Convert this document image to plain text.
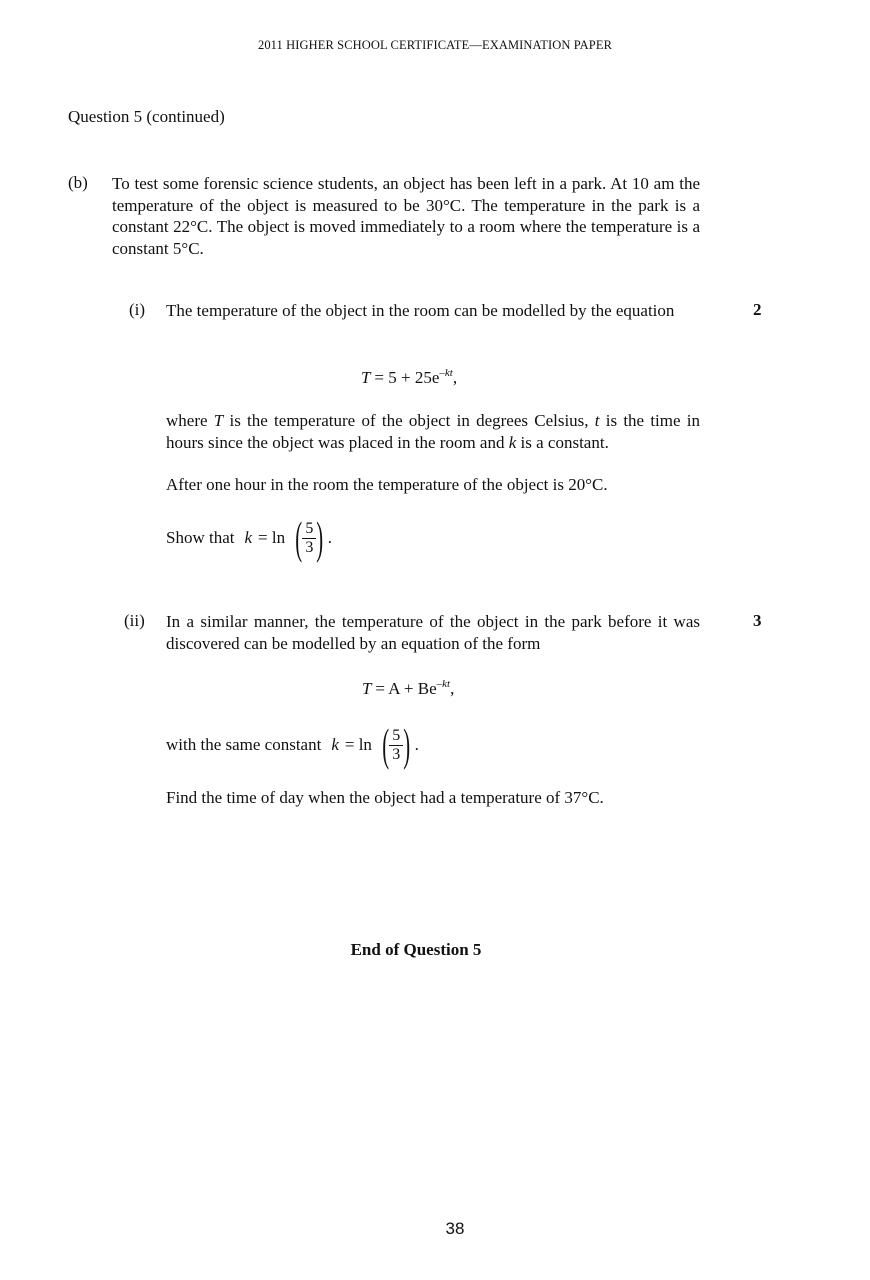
2011 HIGHER SCHOOL CERTIFICATE—EXAMINATION PAPER
Question 5 (continued)
(b) To test some forensic science students, an object has been left in a park. At 10 am the temperature of the object is measured to be 30°C. The temperature in the park is a constant 22°C. The object is moved immediately to a room where the temperature is a constant 5°C.
(i)	2
The temperature of the object in the room can be modelled by the equation
$T = 5 + 25e^{-kt}$,
where T is the temperature of the object in degrees Celsius, t is the time in hours since the object was placed in the room and k is a constant.
After one hour in the room the temperature of the object is 20°C.
Show that k = ln ( $\frac{5}{3}$ ) .
(ii)	3
In a similar manner, the temperature of the object in the park before it was discovered can be modelled by an equation of the form
$T = A + Be^{-kt}$,
with the same constant k = ln ( $\frac{5}{3}$ ) .
Find the time of day when the object had a temperature of 37°C.
End of Question 5
38
